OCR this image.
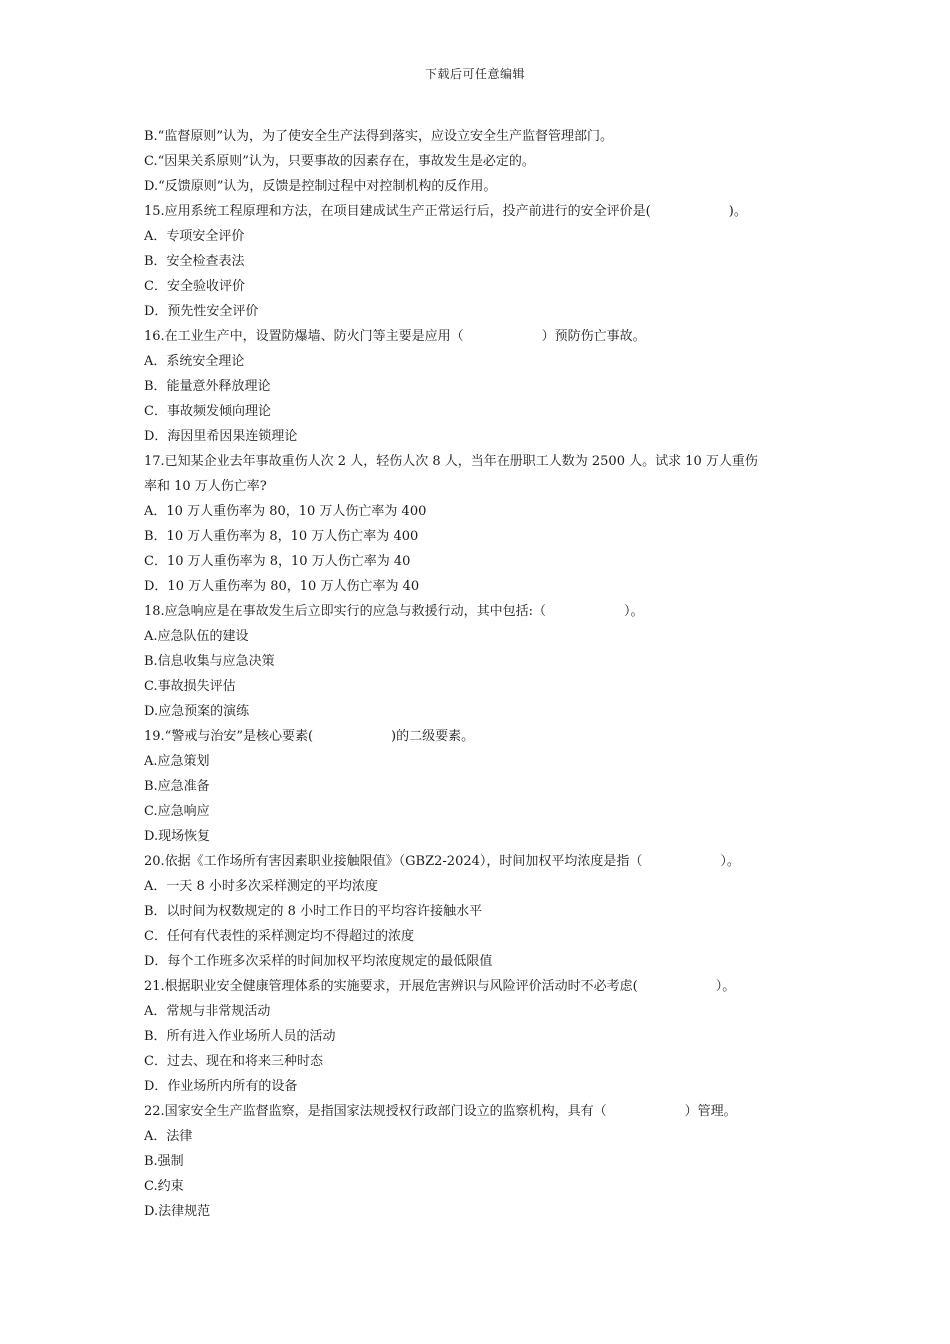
下载后可任意编辑
B.“监督原则”认为，为了使安全生产法得到落实，应设立安全生产监督管理部门。
C.“因果关系原则”认为，只要事故的因素存在，事故发生是必定的。
D.“反馈原则”认为，反馈是控制过程中对控制机构的反作用。
15.应用系统工程原理和方法，在项目建成试生产正常运行后，投产前进行的安全评价是(　　　　　　)。
A．专项安全评价
B．安全检查表法
C．安全验收评价
D．预先性安全评价
16.在工业生产中，设置防爆墙、防火门等主要是应用（　　　　　　）预防伤亡事故。
A．系统安全理论
B．能量意外释放理论
C．事故频发倾向理论
D．海因里希因果连锁理论
17.已知某企业去年事故重伤人次 2 人，轻伤人次 8 人，当年在册职工人数为 2500 人。试求 10 万人重伤
率和 10 万人伤亡率?
A．10 万人重伤率为 80，10 万人伤亡率为 400
B．10 万人重伤率为 8，10 万人伤亡率为 400
C．10 万人重伤率为 8，10 万人伤亡率为 40
D．10 万人重伤率为 80，10 万人伤亡率为 40
18.应急响应是在事故发生后立即实行的应急与救援行动，其中包括:（　　　　　　）。
A.应急队伍的建设
B.信息收集与应急决策
C.事故损失评估
D.应急预案的演练
19.“警戒与治安”是核心要素(　　　　　　)的二级要素。
A.应急策划
B.应急准备
C.应急响应
D.现场恢复
20.依据《工作场所有害因素职业接触限值》（GBZ2-2024），时间加权平均浓度是指（　　　　　　）。
A．一天 8 小时多次采样测定的平均浓度
B．以时间为权数规定的 8 小时工作日的平均容许接触水平
C．任何有代表性的采样测定均不得超过的浓度
D．每个工作班多次采样的时间加权平均浓度规定的最低限值
21.根据职业安全健康管理体系的实施要求，开展危害辨识与风险评价活动时不必考虑(　　　　　　）。
A．常规与非常规活动
B．所有进入作业场所人员的活动
C．过去、现在和将来三种时态
D．作业场所内所有的设备
22.国家安全生产监督监察，是指国家法规授权行政部门设立的监察机构，具有（　　　　　　）管理。
A．法律
B.强制
C.约束
D.法律规范
